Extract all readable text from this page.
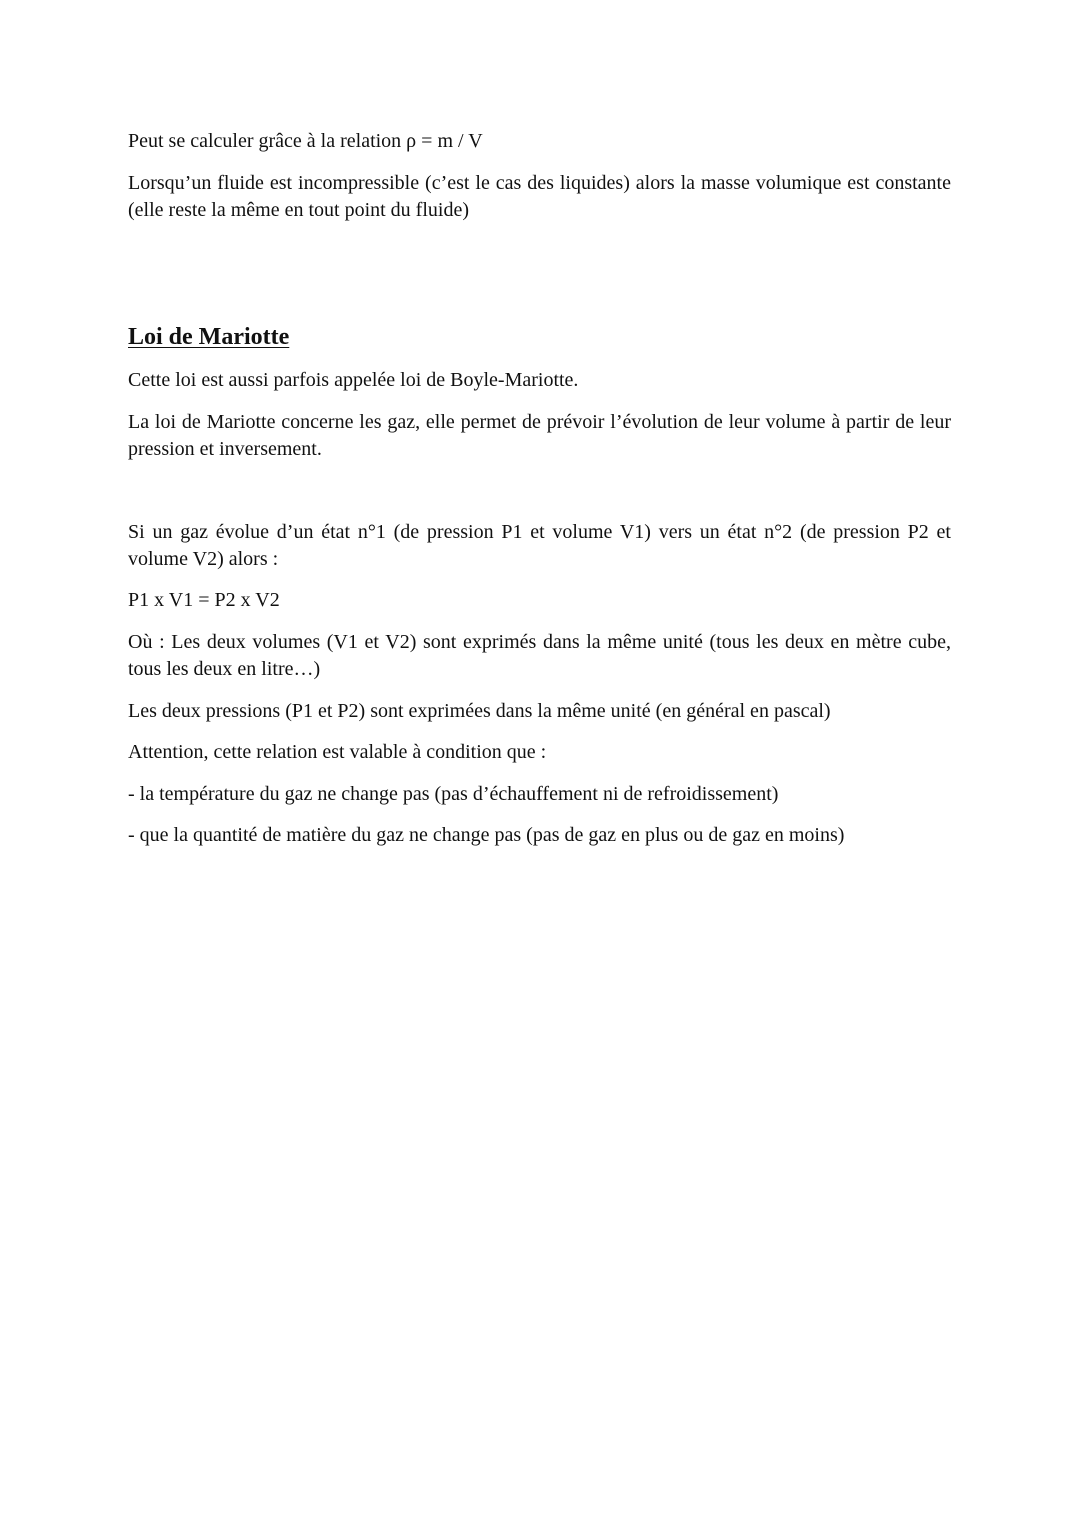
Peut se calculer grâce à la relation ρ = m / V

Lorsqu’un fluide est incompressible (c’est le cas des liquides) alors la masse volumique est constante (elle reste la même en tout point du fluide)

Loi de Mariotte

Cette loi est aussi parfois appelée loi de Boyle-Mariotte.

La loi de Mariotte concerne les gaz, elle permet de prévoir l’évolution de leur volume à partir de leur pression et inversement.

Si un gaz évolue d’un état n°1 (de pression P1 et volume V1) vers un état n°2 (de pression P2 et volume V2) alors :

P1 x V1 = P2 x V2

Où : Les deux volumes (V1 et V2) sont exprimés dans la même unité (tous les deux en mètre cube, tous les deux en litre…)

Les deux pressions (P1 et P2) sont exprimées dans la même unité (en général en pascal)

Attention, cette relation est valable à condition que :

- la température du gaz ne change pas (pas d’échauffement ni de refroidissement)

- que la quantité de matière du gaz ne change pas (pas de gaz en plus ou de gaz en moins)
